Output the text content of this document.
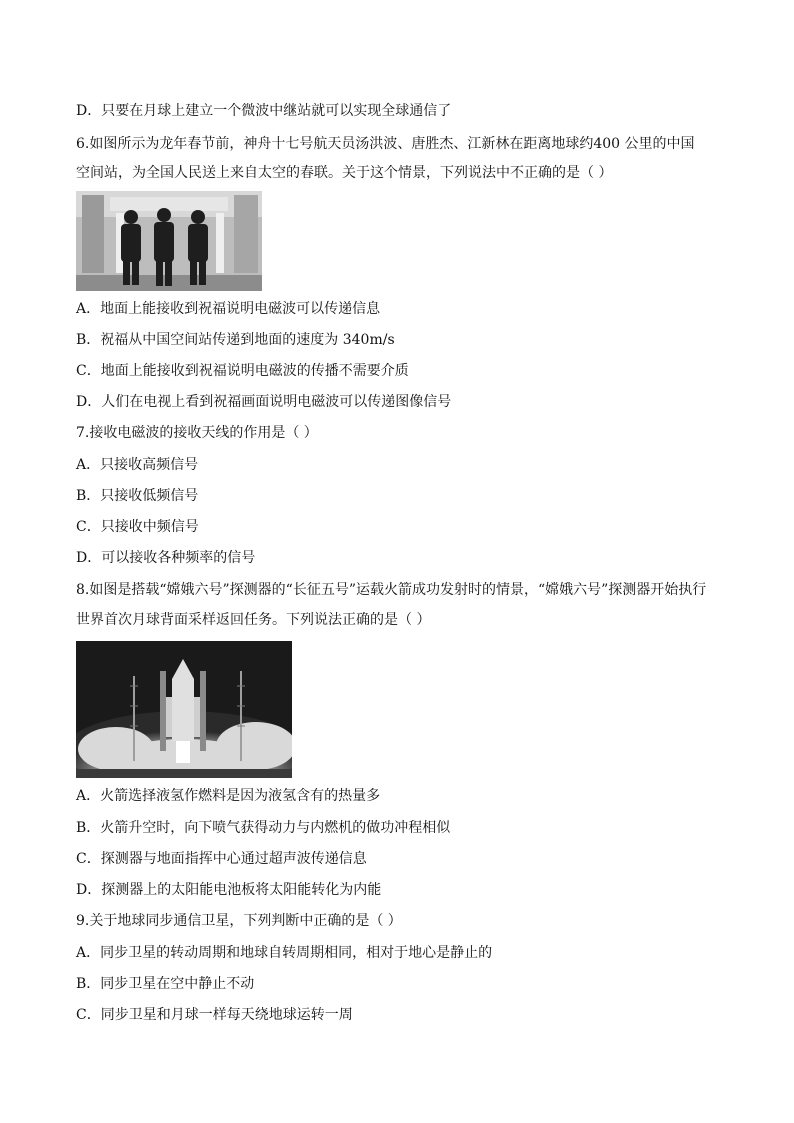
D．只要在月球上建立一个微波中继站就可以实现全球通信了
6.如图所示为龙年春节前，神舟十七号航天员汤洪波、唐胜杰、江新林在距离地球约400 公里的中国
空间站，为全国人民送上来自太空的春联。关于这个情景，下列说法中不正确的是（ ）
A．地面上能接收到祝福说明电磁波可以传递信息
B．祝福从中国空间站传递到地面的速度为 340m/s
C．地面上能接收到祝福说明电磁波的传播不需要介质
D．人们在电视上看到祝福画面说明电磁波可以传递图像信号
7.接收电磁波的接收天线的作用是（ ）
A．只接收高频信号
B．只接收低频信号
C．只接收中频信号
D．可以接收各种频率的信号
8.如图是搭载“嫦娥六号”探测器的“长征五号”运载火箭成功发射时的情景，“嫦娥六号”探测器开始执行
世界首次月球背面采样返回任务。下列说法正确的是（ ）
A．火箭选择液氢作燃料是因为液氢含有的热量多
B．火箭升空时，向下喷气获得动力与内燃机的做功冲程相似
C．探测器与地面指挥中心通过超声波传递信息
D．探测器上的太阳能电池板将太阳能转化为内能
9.关于地球同步通信卫星，下列判断中正确的是（ ）
A．同步卫星的转动周期和地球自转周期相同，相对于地心是静止的
B．同步卫星在空中静止不动
C．同步卫星和月球一样每天绕地球运转一周
